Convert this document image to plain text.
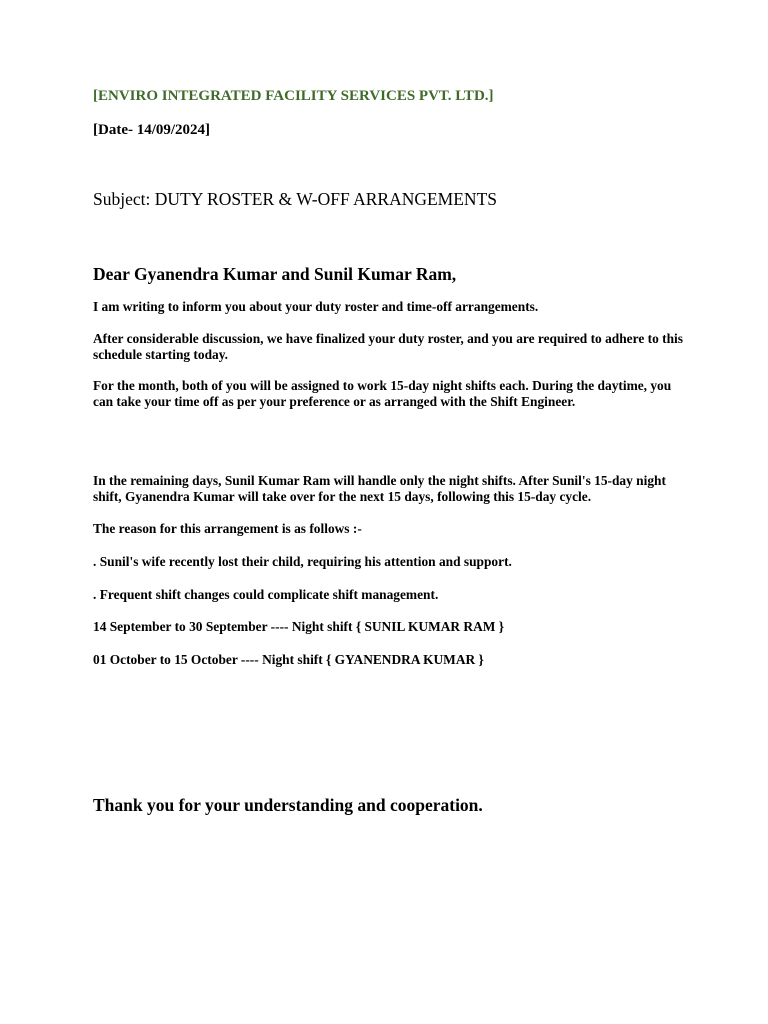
[ENVIRO INTEGRATED FACILITY SERVICES PVT. LTD.]

[Date- 14/09/2024]

Subject: DUTY ROSTER & W-OFF ARRANGEMENTS

Dear Gyanendra Kumar and Sunil Kumar Ram,

I am writing to inform you about your duty roster and time-off arrangements.

After considerable discussion, we have finalized your duty roster, and you are required to adhere to this schedule starting today.

For the month, both of you will be assigned to work 15-day night shifts each. During the daytime, you can take your time off as per your preference or as arranged with the Shift Engineer.

In the remaining days, Sunil Kumar Ram will handle only the night shifts. After Sunil's 15-day night shift, Gyanendra Kumar will take over for the next 15 days, following this 15-day cycle.

The reason for this arrangement is as follows :-

. Sunil's wife recently lost their child, requiring his attention and support.

. Frequent shift changes could complicate shift management.

14 September to 30 September ---- Night shift { SUNIL KUMAR RAM }

01 October to 15 October ---- Night shift { GYANENDRA KUMAR }

Thank you for your understanding and cooperation.
